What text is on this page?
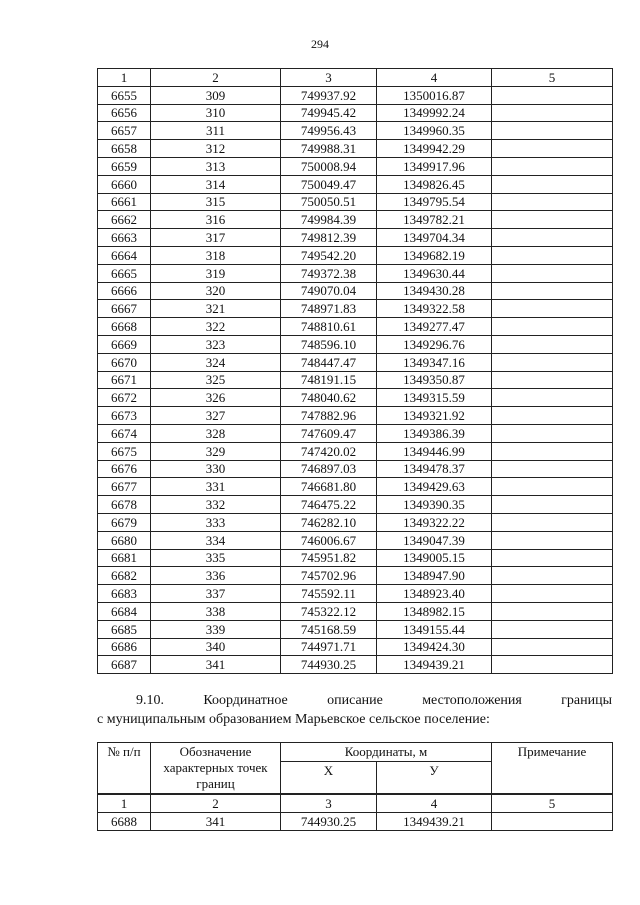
294
1	2	3	4	5
6655	309	749937.92	1350016.87	
6656	310	749945.42	1349992.24	
6657	311	749956.43	1349960.35	
6658	312	749988.31	1349942.29	
6659	313	750008.94	1349917.96	
6660	314	750049.47	1349826.45	
6661	315	750050.51	1349795.54	
6662	316	749984.39	1349782.21	
6663	317	749812.39	1349704.34	
6664	318	749542.20	1349682.19	
6665	319	749372.38	1349630.44	
6666	320	749070.04	1349430.28	
6667	321	748971.83	1349322.58	
6668	322	748810.61	1349277.47	
6669	323	748596.10	1349296.76	
6670	324	748447.47	1349347.16	
6671	325	748191.15	1349350.87	
6672	326	748040.62	1349315.59	
6673	327	747882.96	1349321.92	
6674	328	747609.47	1349386.39	
6675	329	747420.02	1349446.99	
6676	330	746897.03	1349478.37	
6677	331	746681.80	1349429.63	
6678	332	746475.22	1349390.35	
6679	333	746282.10	1349322.22	
6680	334	746006.67	1349047.39	
6681	335	745951.82	1349005.15	
6682	336	745702.96	1348947.90	
6683	337	745592.11	1348923.40	
6684	338	745322.12	1348982.15	
6685	339	745168.59	1349155.44	
6686	340	744971.71	1349424.30	
6687	341	744930.25	1349439.21	
9.10.	Координатное	описание	местоположения	границы
с муниципальным образованием Марьевское сельское поселение:
№ п/п	Обозначение характерных точек границ	Координаты, м		Примечание
		X	У	
1	2	3	4	5
6688	341	744930.25	1349439.21	
